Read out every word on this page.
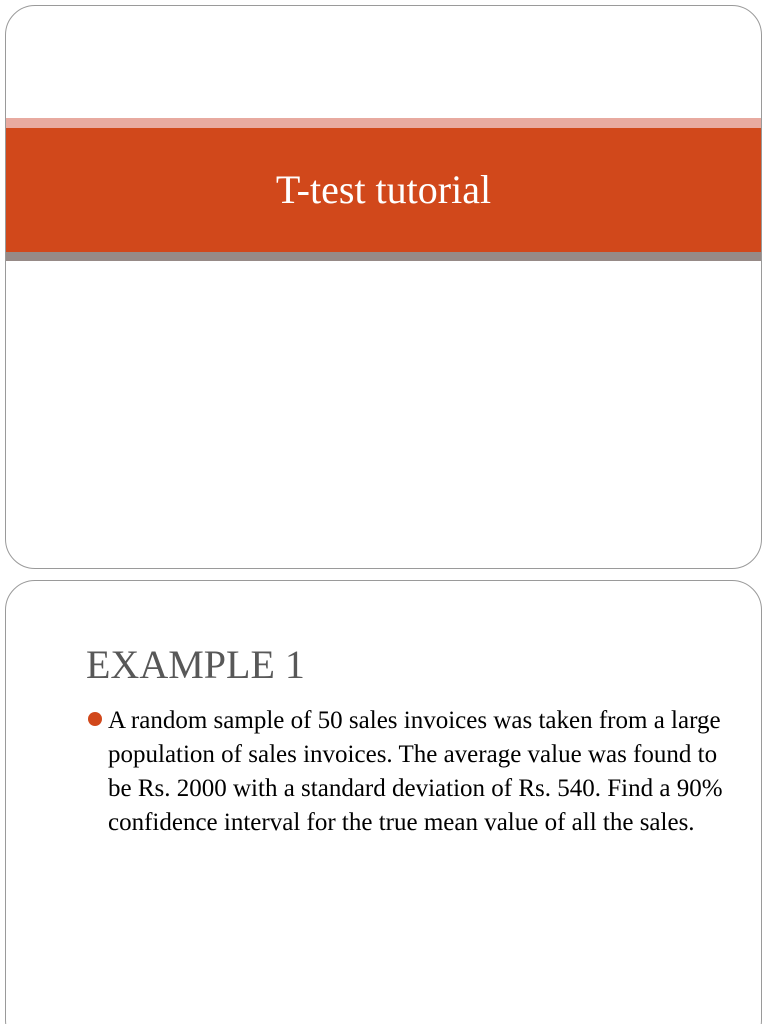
T-test tutorial
EXAMPLE 1
A random sample of 50 sales invoices was taken from a large population of sales invoices. The average value was found to be Rs. 2000 with a standard deviation of Rs. 540. Find a 90% confidence interval for the true mean value of all the sales.
